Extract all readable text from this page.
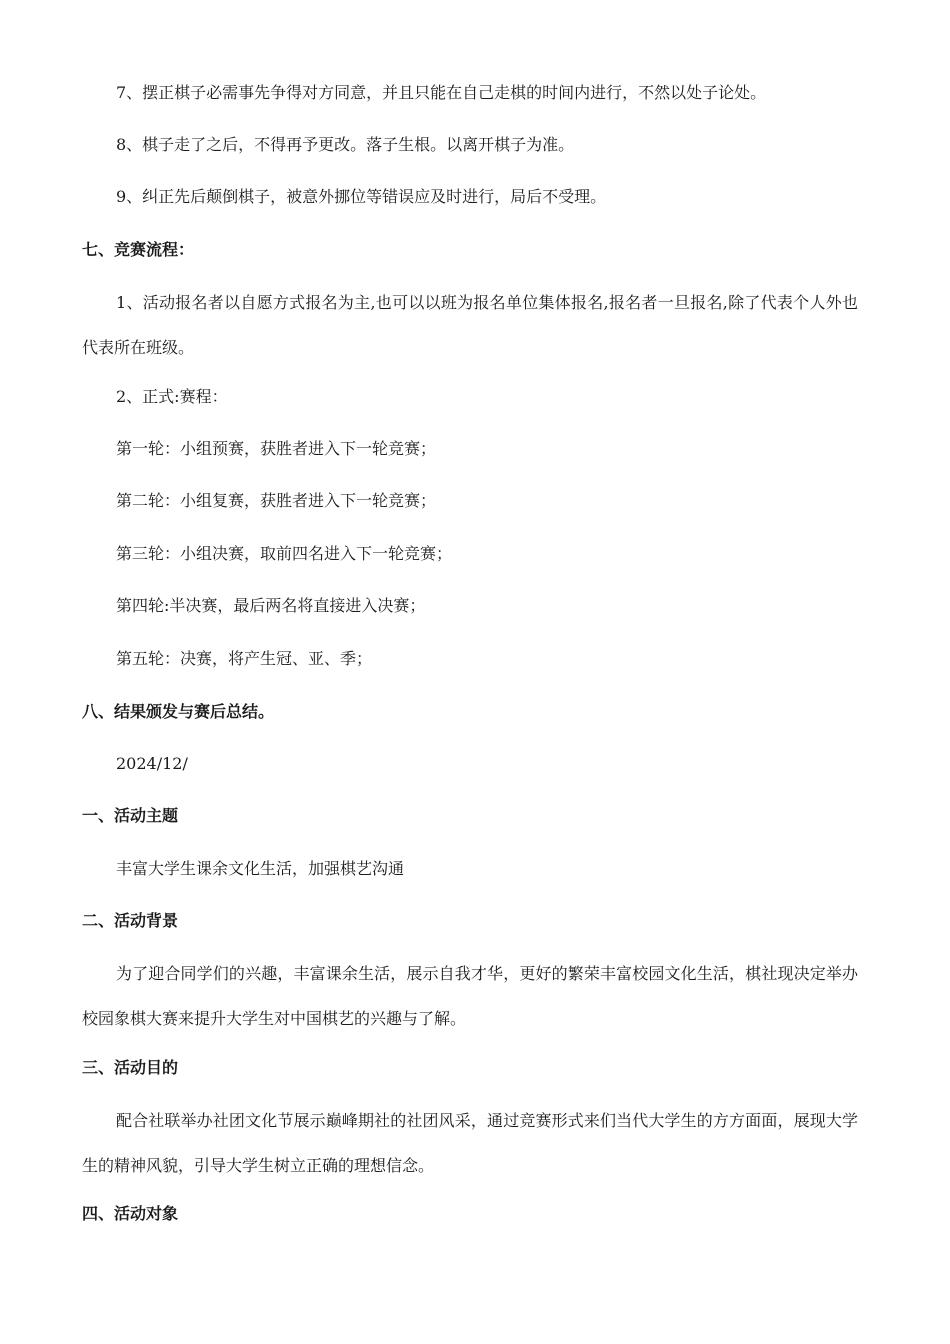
7、摆正棋子必需事先争得对方同意，并且只能在自己走棋的时间内进行，不然以处子论处。
8、棋子走了之后，不得再予更改。落子生根。以离开棋子为准。
9、纠正先后颠倒棋子，被意外挪位等错误应及时进行，局后不受理。
七、竞赛流程：
1、活动报名者以自愿方式报名为主,也可以以班为报名单位集体报名,报名者一旦报名,除了代表个人外也代表所在班级。
2、正式:赛程：
第一轮：小组预赛，获胜者进入下一轮竞赛；
第二轮：小组复赛，获胜者进入下一轮竞赛；
第三轮：小组决赛，取前四名进入下一轮竞赛；
第四轮:半决赛，最后两名将直接进入决赛；
第五轮：决赛，将产生冠、亚、季；
八、结果颁发与赛后总结。
2024/12/
一、活动主题
丰富大学生课余文化生活，加强棋艺沟通
二、活动背景
为了迎合同学们的兴趣，丰富课余生活，展示自我才华，更好的繁荣丰富校园文化生活，棋社现决定举办校园象棋大赛来提升大学生对中国棋艺的兴趣与了解。
三、活动目的
配合社联举办社团文化节展示巅峰期社的社团风采，通过竞赛形式来们当代大学生的方方面面，展现大学生的精神风貌，引导大学生树立正确的理想信念。
四、活动对象
